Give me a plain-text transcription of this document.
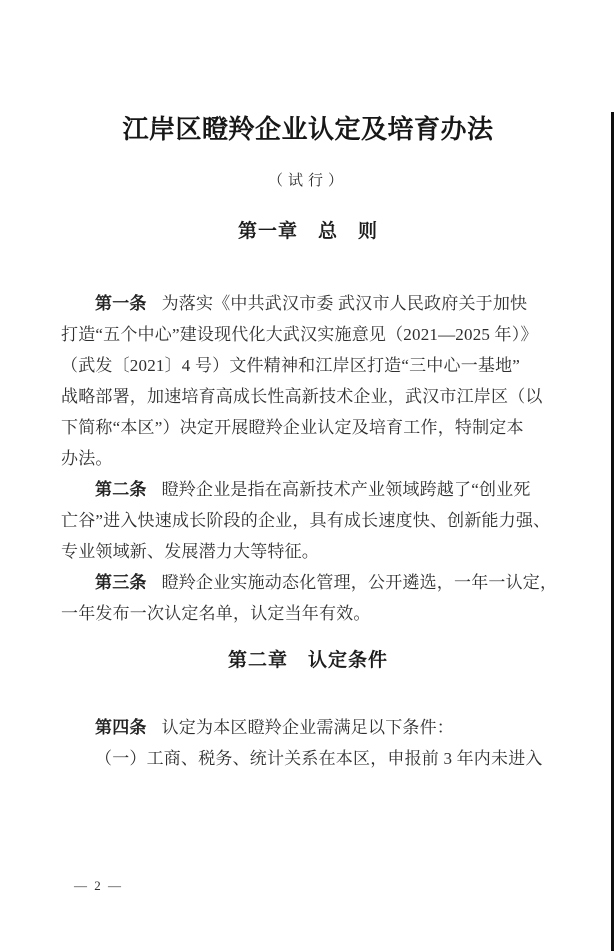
江岸区瞪羚企业认定及培育办法
（试行）
第一章　总　则
第一条 为落实《中共武汉市委 武汉市人民政府关于加快
打造“五个中心”建设现代化大武汉实施意见（2021—2025 年）》
（武发〔2021〕4 号）文件精神和江岸区打造“三中心一基地”
战略部署，加速培育高成长性高新技术企业，武汉市江岸区（以
下简称“本区”）决定开展瞪羚企业认定及培育工作，特制定本
办法。
第二条 瞪羚企业是指在高新技术产业领域跨越了“创业死
亡谷”进入快速成长阶段的企业，具有成长速度快、创新能力强、
专业领域新、发展潜力大等特征。
第三条 瞪羚企业实施动态化管理，公开遴选，一年一认定，
一年发布一次认定名单，认定当年有效。
第二章　认定条件
第四条 认定为本区瞪羚企业需满足以下条件：
（一）工商、税务、统计关系在本区，申报前 3 年内未进入
— 2 —
